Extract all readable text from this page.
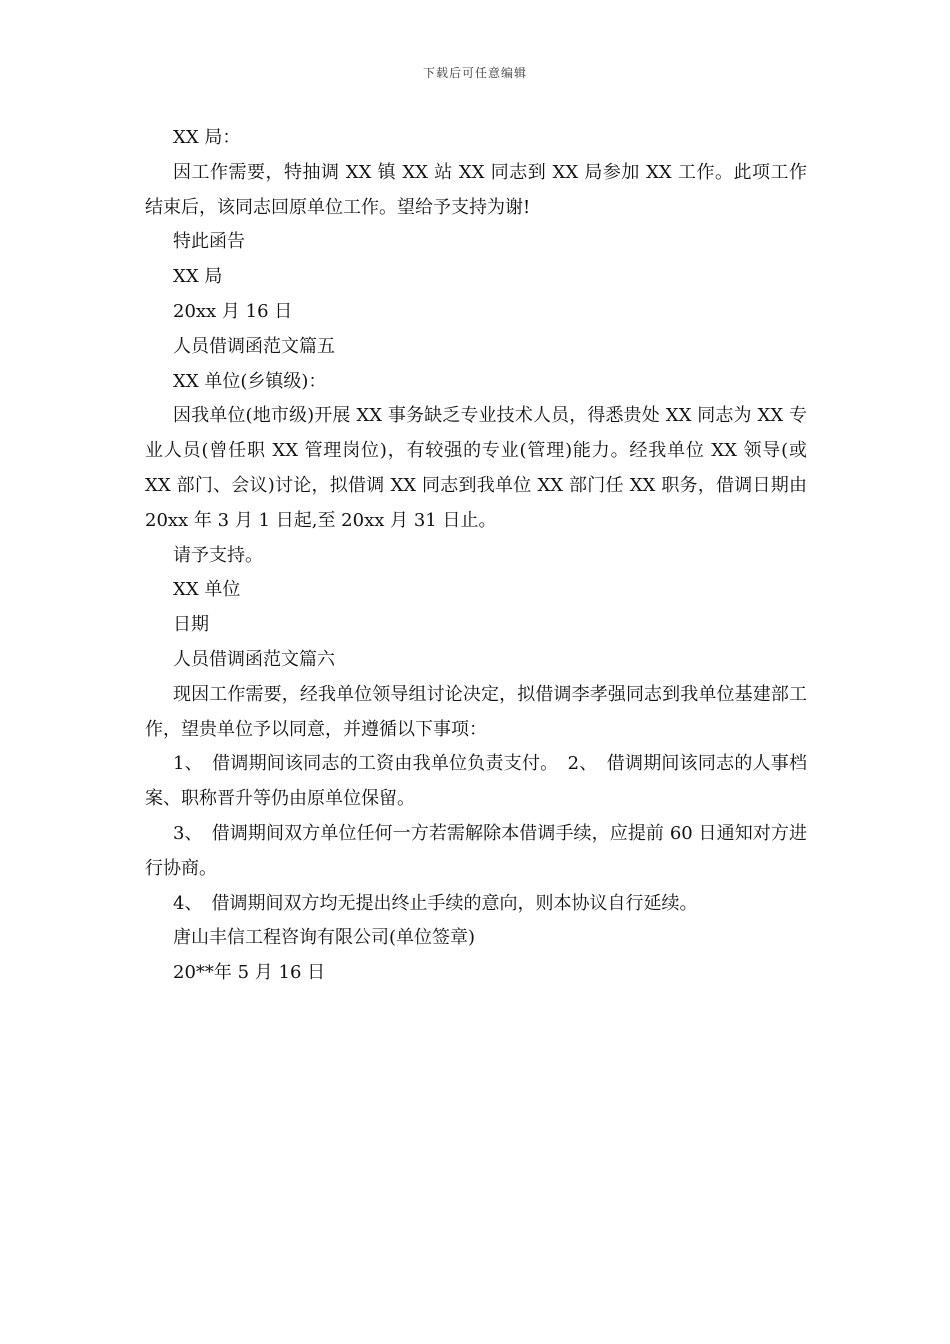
下载后可任意编辑

XX 局：

因工作需要，特抽调 XX 镇 XX 站 XX 同志到 XX 局参加 XX 工作。此项工作结束后，该同志回原单位工作。望给予支持为谢!

特此函告

XX 局

20xx 月 16 日

人员借调函范文篇五

XX 单位(乡镇级)：

因我单位(地市级)开展 XX 事务缺乏专业技术人员，得悉贵处 XX 同志为 XX 专业人员(曾任职 XX 管理岗位)，有较强的专业(管理)能力。经我单位 XX 领导(或 XX 部门、会议)讨论，拟借调 XX 同志到我单位 XX 部门任 XX 职务，借调日期由 20xx 年 3 月 1 日起,至 20xx 月 31 日止。

请予支持。

XX 单位

日期

人员借调函范文篇六

现因工作需要，经我单位领导组讨论决定，拟借调李孝强同志到我单位基建部工作，望贵单位予以同意，并遵循以下事项：

1、　借调期间该同志的工资由我单位负责支付。　2、　借调期间该同志的人事档案、职称晋升等仍由原单位保留。

3、　借调期间双方单位任何一方若需解除本借调手续，应提前 60 日通知对方进行协商。

4、　借调期间双方均无提出终止手续的意向，则本协议自行延续。

唐山丰信工程咨询有限公司(单位签章)

20**年 5 月 16 日
